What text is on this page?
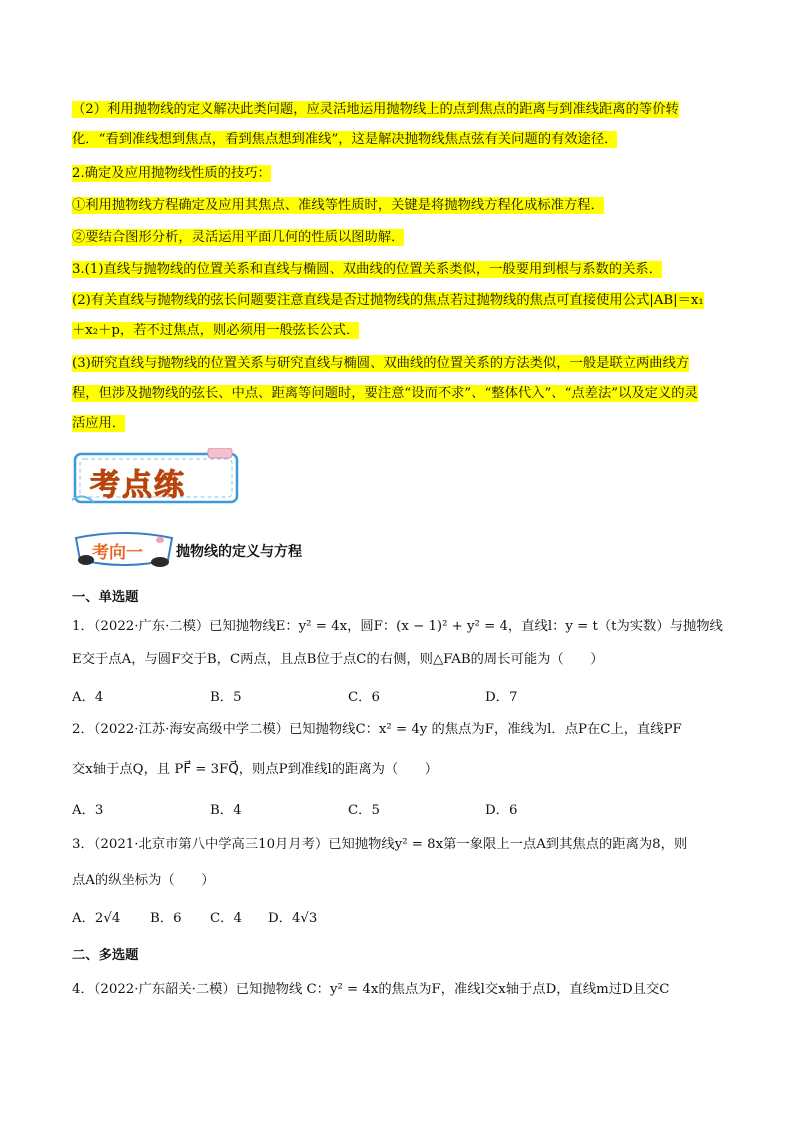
（2）利用抛物线的定义解决此类问题，应灵活地运用抛物线上的点到焦点的距离与到准线距离的等价转
化．“看到准线想到焦点，看到焦点想到准线”，这是解决抛物线焦点弦有关问题的有效途径．
2.确定及应用抛物线性质的技巧：
①利用抛物线方程确定及应用其焦点、准线等性质时，关键是将抛物线方程化成标准方程．
②要结合图形分析，灵活运用平面几何的性质以图助解．
3.(1)直线与抛物线的位置关系和直线与椭圆、双曲线的位置关系类似，一般要用到根与系数的关系．
(2)有关直线与抛物线的弦长问题要注意直线是否过抛物线的焦点若过抛物线的焦点可直接使用公式|AB|＝x₁
＋x₂＋p，若不过焦点，则必须用一般弦长公式．
(3)研究直线与抛物线的位置关系与研究直线与椭圆、双曲线的位置关系的方法类似，一般是联立两曲线方
程，但涉及抛物线的弦长、中点、距离等问题时，要注意“设而不求”、“整体代入”、“点差法”以及定义的灵
活应用．
考点练
考向一 抛物线的定义与方程
一、单选题
1．（2022·广东·二模）已知抛物线E：y² = 4x，圆F：(x − 1)² + y² = 4，直线l：y = t（t为实数）与抛物线
E交于点A，与圆F交于B，C两点，且点B位于点C的右侧，则△FAB的周长可能为（　　）
A．4	B．5	C．6	D．7
2．（2022·江苏·海安高级中学二模）已知抛物线C：x² = 4y 的焦点为F，准线为l．点P在C上，直线PF
交x轴于点Q，且 PF⃗ = 3FQ⃗，则点P到准线l的距离为（　　）
A．3	B．4	C．5	D．6
3．（2021·北京市第八中学高三10月月考）已知抛物线y² = 8x第一象限上一点A到其焦点的距离为8，则
点A的纵坐标为（　　）
A．2√4 B．6 C．4 D．4√3
二、多选题
4．（2022·广东韶关·二模）已知抛物线 C：y² = 4x的焦点为F，准线l交x轴于点D，直线m过D且交C
